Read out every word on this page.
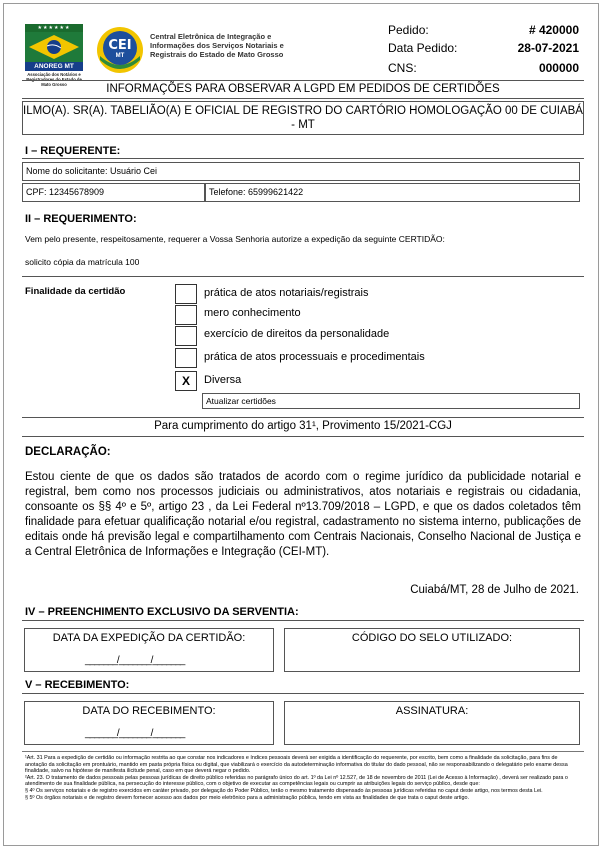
★★★★★★
ANOREG MT
Associação dos Notários e Registradores do Estado de Mato Grosso
CEI
MT
Central Eletrônica de Integração e
Informações dos Serviços Notariais e
Registrais do Estado de Mato Grosso
Pedido:	# 420000
Data Pedido:	28-07-2021
CNS:	000000
INFORMAÇÕES PARA OBSERVAR A LGPD EM PEDIDOS DE CERTIDÕES
ILMO(A). SR(A). TABELIÃO(A) E OFICIAL DE REGISTRO DO CARTÓRIO HOMOLOGAÇÃO 00 DE CUIABÁ - MT
I – REQUERENTE:
Nome do solicitante: Usuário Cei
CPF: 12345678909	Telefone: 65999621422
II – REQUERIMENTO:
Vem pelo presente, respeitosamente, requerer a Vossa Senhoria autorize a expedição da seguinte CERTIDÃO:
solicito cópia da matrícula 100
Finalidade da certidão	prática de atos notariais/registrais
mero conhecimento
exercício de direitos da personalidade
prática de atos processuais e procedimentais
X	Diversa
Atualizar certidões
Para cumprimento do artigo 31¹, Provimento 15/2021-CGJ
DECLARAÇÃO:
Estou ciente de que os dados são tratados de acordo com o regime jurídico da publicidade notarial e registral, bem como nos processos judiciais ou administrativos, atos notariais e registrais ou cidadania, consoante os §§ 4º e 5º, artigo 23 , da Lei Federal nº13.709/2018 – LGPD, e que os dados coletados têm finalidade para efetuar qualificação notarial e/ou registral, cadastramento no sistema interno, publicações de editais onde há previsão legal e compartilhamento com Centrais Nacionais, Conselho Nacional de Justiça e a Central Eletrônica de Informações e Integração (CEI-MT).
Cuiabá/MT, 28 de Julho de 2021.
IV – PREENCHIMENTO EXCLUSIVO DA SERVENTIA:
DATA DA EXPEDIÇÃO DA CERTIDÃO:
_______/_______/_______
CÓDIGO DO SELO UTILIZADO:
V – RECEBIMENTO:
DATA DO RECEBIMENTO:
_______/_______/_______
ASSINATURA:
¹Art. 31 Para a expedição de certidão ou informação restrita ao que constar nos indicadores e índices pessoais deverá ser exigida a identificação do requerente, por escrito, bem como a finalidade da solicitação, para fins de anotação da solicitação em prontuário, mantido em pasta própria física ou digital, que viabilizará o exercício da autodeterminação informativa do titular do dado pessoal, não se responsabilizando o delegatário pelo exame dessa finalidade, salvo na hipótese de manifesta ilicitude penal, caso em que deverá negar o pedido.
²Art. 23. O tratamento de dados pessoais pelas pessoas jurídicas de direito público referidas no parágrafo único do art. 1º da Lei nº 12.527, de 18 de novembro de 2011 (Lei de Acesso à Informação) , deverá ser realizado para o atendimento de sua finalidade pública, na persecução do interesse público, com o objetivo de executar as competências legais ou cumprir as atribuições legais do serviço público, desde que:
§ 4º Os serviços notariais e de registro exercidos em caráter privado, por delegação do Poder Público, terão o mesmo tratamento dispensado às pessoas jurídicas referidas no caput deste artigo, nos termos desta Lei.
§ 5º Os órgãos notariais e de registro devem fornecer acesso aos dados por meio eletrônico para a administração pública, tendo em vista as finalidades de que trata o caput deste artigo.
